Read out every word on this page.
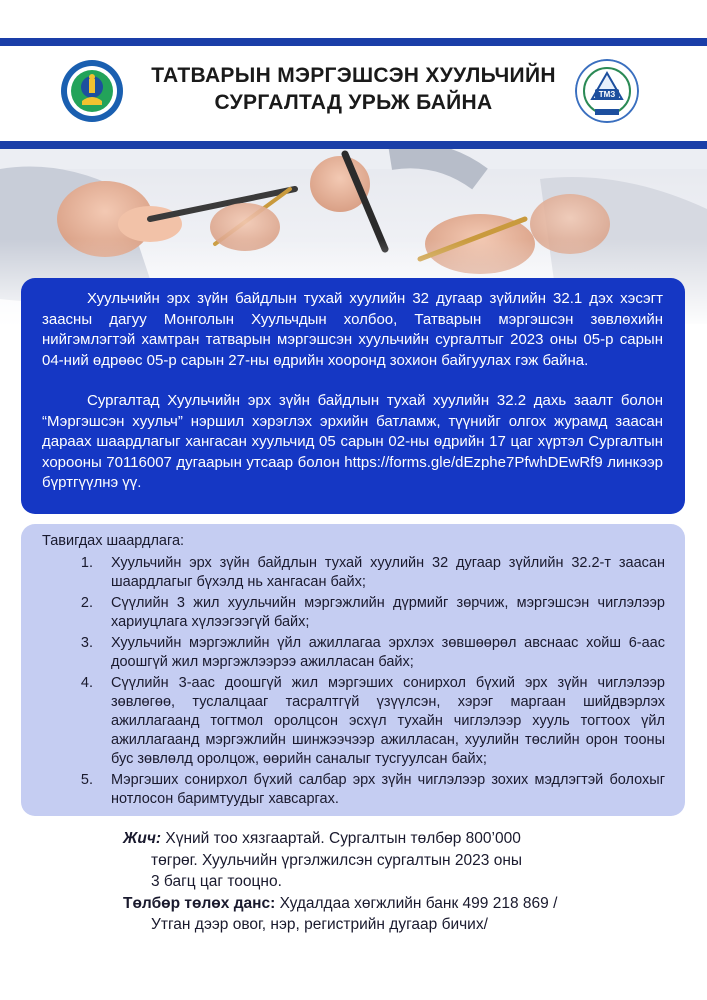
ТАТВАРЫН МЭРГЭШСЭН ХУУЛЬЧИЙН
СУРГАЛТАД УРЬЖ БАЙНА	ТМЗ

Хуульчийн эрх зүйн байдлын тухай хуулийн 32 дугаар зүйлийн 32.1 дэх хэсэгт заасны дагуу Монголын Хуульчдын холбоо, Татварын мэргэшсэн зөвлөхийн нийгэмлэгтэй хамтран татварын мэргэшсэн хуульчийн сургалтыг 2023 оны 05-р сарын 04-ний өдрөөс 05-р сарын 27-ны өдрийн хооронд зохион байгуулах гэж байна.

Сургалтад Хуульчийн эрх зүйн байдлын тухай хуулийн 32.2 дахь заалт болон “Мэргэшсэн хуульч” нэршил хэрэглэх эрхийн батламж, түүнийг олгох журамд заасан дараах шаардлагыг хангасан хуульчид 05 сарын 02-ны өдрийн 17 цаг хүртэл Сургалтын хорооны 70116007 дугаарын утсаар болон https://forms.gle/dEzphe7PfwhDEwRf9 линкээр бүртгүүлнэ үү.

Тавигдах шаардлага:
1.	Хуульчийн эрх зүйн байдлын тухай хуулийн 32 дугаар зүйлийн 32.2-т заасан шаардлагыг бүхэлд нь хангасан байх;
2.	Сүүлийн 3 жил хуульчийн мэргэжлийн дүрмийг зөрчиж, мэргэшсэн чиглэлээр хариуцлага хүлээгээгүй байх;
3.	Хуульчийн мэргэжлийн үйл ажиллагаа эрхлэх зөвшөөрөл авснаас хойш 6-аас доошгүй жил мэргэжлээрээ ажилласан байх;
4.	Сүүлийн 3-аас доошгүй жил мэргэших сонирхол бүхий эрх зүйн чиглэлээр зөвлөгөө, туслалцааг тасралтгүй үзүүлсэн, хэрэг маргаан шийдвэрлэх ажиллагаанд тогтмол оролцсон эсхүл тухайн чиглэлээр хууль тогтоох үйл ажиллагаанд мэргэжлийн шинжээчээр ажилласан, хуулийн төслийн орон тооны бус зөвлөлд оролцож, өөрийн саналыг тусгуулсан байх;
5.	Мэргэших сонирхол бүхий салбар эрх зүйн чиглэлээр зохих мэдлэгтэй болохыг нотлосон баримтуудыг хавсаргах.
Жич: Хүний тоо хязгаартай. Сургалтын төлбөр 800’000
төгрөг. Хуульчийн үргэлжилсэн сургалтын 2023 оны
3 багц цаг тооцно.
Төлбөр төлөх данс: Худалдаа хөгжлийн банк 499 218 869 /
Утган дээр овог, нэр, регистрийн дугаар бичих/
